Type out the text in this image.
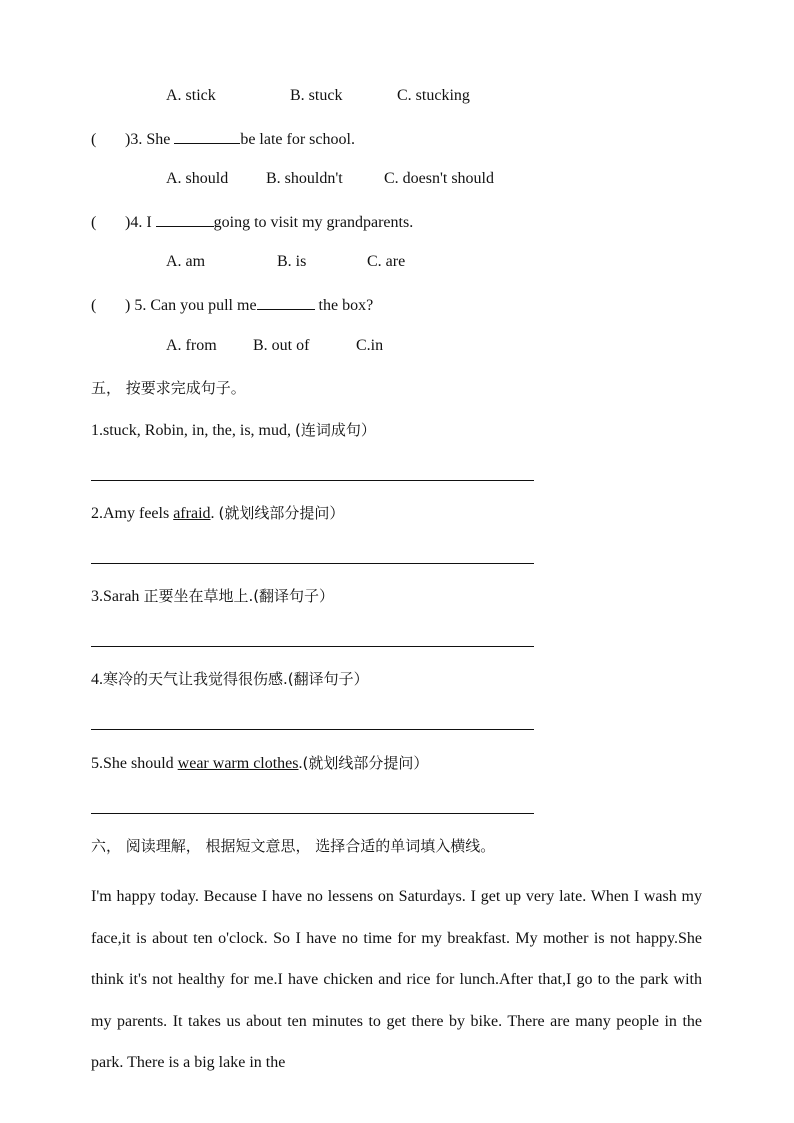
A. stick	B. stuck	C. stucking
( )3. She	be late for school.
A. should B. shouldn't	C. doesn't should
( )4. I	going to visit my grandparents.
A. am	B. is	C. are
( ) 5. Can you pull me	the box?
A. from B. out of	C.in
五， 按要求完成句子。
1.stuck, Robin, in, the, is, mud, (连词成句）
2.Amy feels afraid. (就划线部分提问）
3.Sarah 正要坐在草地上.(翻译句子）
4.寒冷的天气让我觉得很伤感.(翻译句子）
5.She should wear warm clothes.(就划线部分提问）
六， 阅读理解， 根据短文意思， 选择合适的单词填入横线。
I'm happy today. Because I have no lessens on Saturdays. I get up very late. When I wash my face,it is about ten o'clock. So I have no time for my breakfast. My mother is not happy.She think it's not healthy for me.I have chicken and rice for lunch.After that,I go to the park with my parents. It takes us about ten minutes to get there by bike. There are many people in the park. There is a big lake in the
